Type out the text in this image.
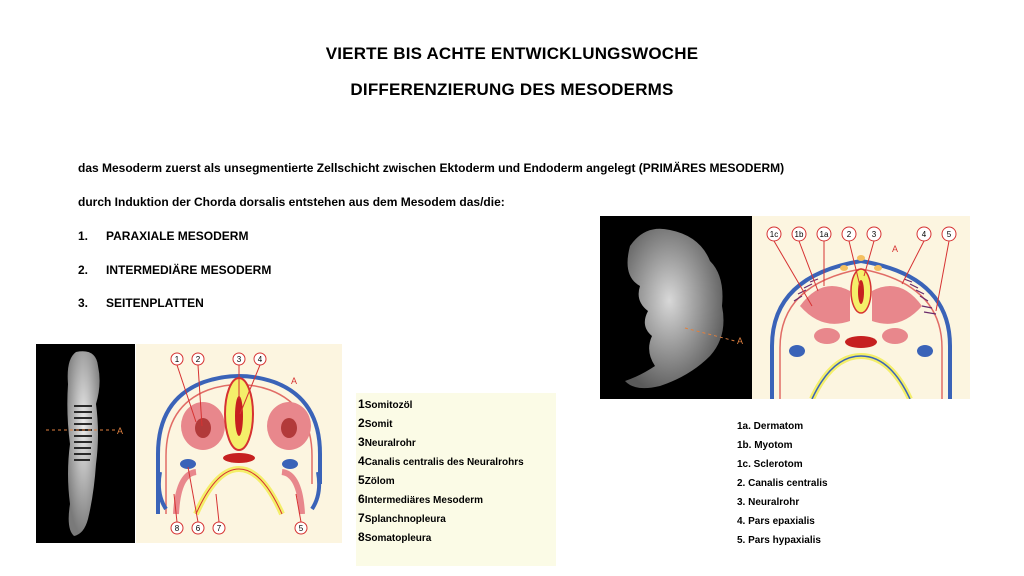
VIERTE BIS ACHTE ENTWICKLUNGSWOCHE
DIFFERENZIERUNG DES MESODERMS
das Mesoderm zuerst als unsegmentierte Zellschicht zwischen Ektoderm und Endoderm angelegt (PRIMÄRES MESODERM)
durch Induktion der Chorda dorsalis entstehen aus dem Mesodem das/die:
1. PARAXIALE MESODERM
2. INTERMEDIÄRE MESODERM
3. SEITENPLATTEN
A
A
1 2	3 4
8 6 7	5
1Somitozöl
2Somit
3Neuralrohr
4Canalis centralis des Neuralrohrs
5Zölom
6Intermediäres Mesoderm
7Splanchnopleura
8Somatopleura
A
A
1c 1b 1a 2	3	4	5
1a. Dermatom
1b. Myotom
1c. Sclerotom
2. Canalis centralis
3. Neuralrohr
4. Pars epaxialis
5. Pars hypaxialis
